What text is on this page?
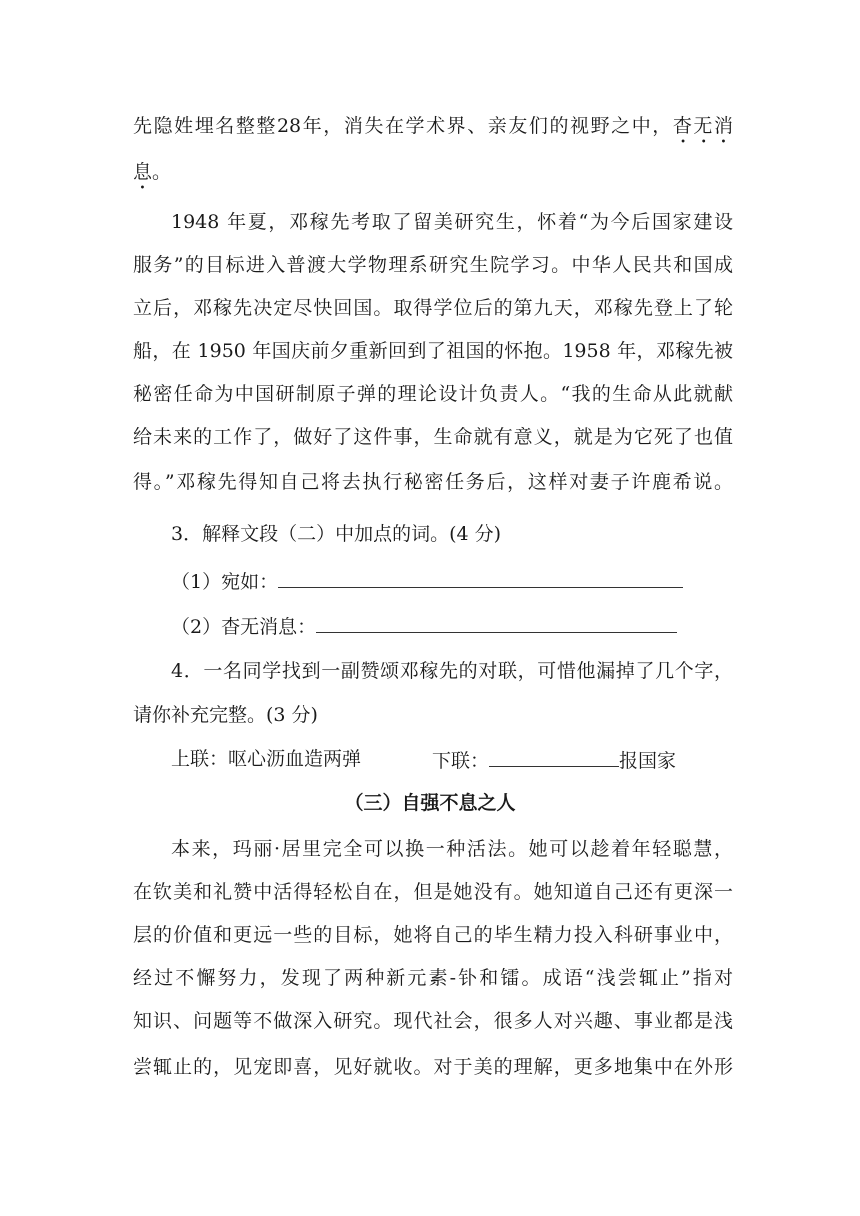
先隐姓埋名整整28年，消失在学术界、亲友们的视野之中，杳无消
息。
1948 年夏，邓稼先考取了留美研究生，怀着“为今后国家建设
服务”的目标进入普渡大学物理系研究生院学习。中华人民共和国成
立后，邓稼先决定尽快回国。取得学位后的第九天，邓稼先登上了轮
船，在 1950 年国庆前夕重新回到了祖国的怀抱。1958 年，邓稼先被
秘密任命为中国研制原子弹的理论设计负责人。“我的生命从此就献
给未来的工作了，做好了这件事，生命就有意义，就是为它死了也值
得。”邓稼先得知自己将去执行秘密任务后，这样对妻子许鹿希说。
3．解释文段（二）中加点的词。(4 分)
（1）宛如：
（2）杳无消息：
4．一名同学找到一副赞颂邓稼先的对联，可惜他漏掉了几个字，
请你补充完整。(3 分)
上联：呕心沥血造两弹	下联：	报国家
（三）自强不息之人
本来，玛丽·居里完全可以换一种活法。她可以趁着年轻聪慧，
在钦美和礼赞中活得轻松自在，但是她没有。她知道自己还有更深一
层的价值和更远一些的目标，她将自己的毕生精力投入科研事业中，
经过不懈努力，发现了两种新元素-钋和镭。成语“浅尝辄止”指对
知识、问题等不做深入研究。现代社会，很多人对兴趣、事业都是浅
尝辄止的，见宠即喜，见好就收。对于美的理解，更多地集中在外形
